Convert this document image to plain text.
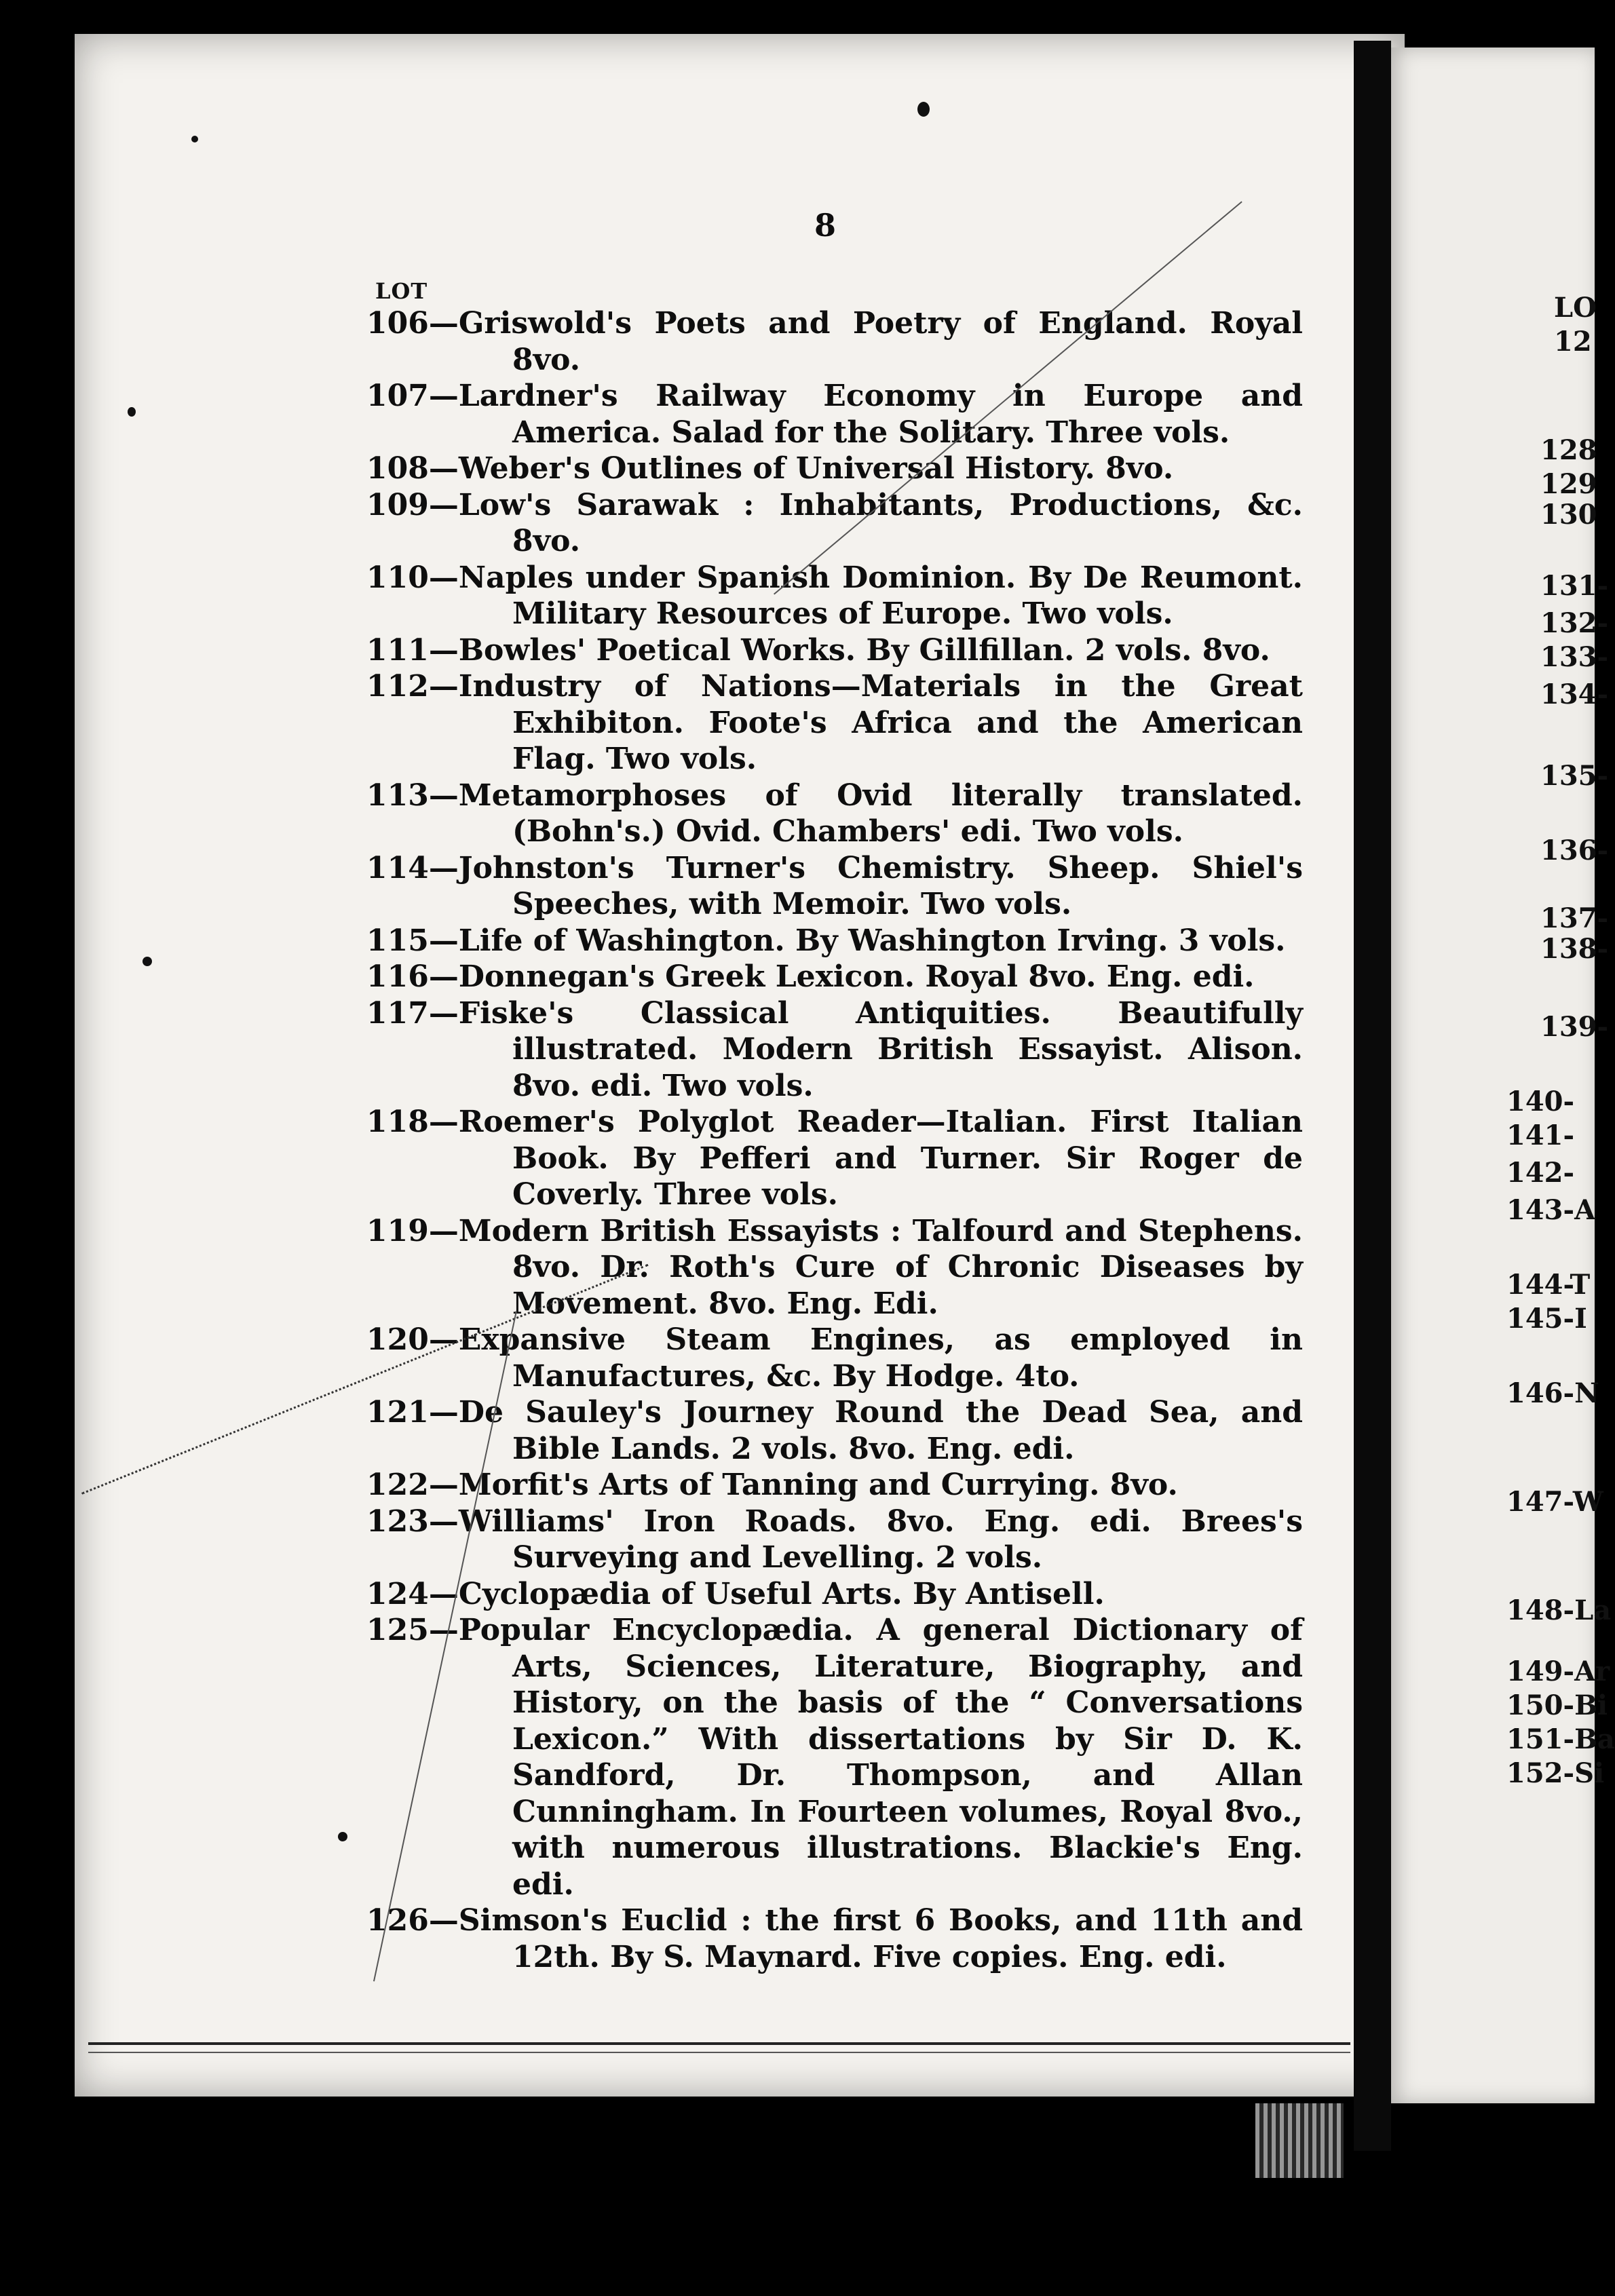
8
LOT
106—Griswold's Poets and Poetry of England. Royal 8vo.
107—Lardner's Railway Economy in Europe and America. Salad for the Solitary. Three vols.
108—Weber's Outlines of Universal History. 8vo.
109—Low's Sarawak : Inhabitants, Productions, &c. 8vo.
110—Naples under Spanish Dominion. By De Reumont. Military Resources of Europe. Two vols.
111—Bowles' Poetical Works. By Gillfillan. 2 vols. 8vo.
112—Industry of Nations—Materials in the Great Exhibiton. Foote's Africa and the American Flag. Two vols.
113—Metamorphoses of Ovid literally translated. (Bohn's.) Ovid. Chambers' edi. Two vols.
114—Johnston's Turner's Chemistry. Sheep. Shiel's Speeches, with Memoir. Two vols.
115—Life of Washington. By Washington Irving. 3 vols.
116—Donnegan's Greek Lexicon. Royal 8vo. Eng. edi.
117—Fiske's Classical Antiquities. Beautifully illustrated. Modern British Essayist. Alison. 8vo. edi. Two vols.
118—Roemer's Polyglot Reader—Italian. First Italian Book. By Pefferi and Turner. Sir Roger de Coverly. Three vols.
119—Modern British Essayists : Talfourd and Stephens. 8vo. Dr. Roth's Cure of Chronic Diseases by Movement. 8vo. Eng. Edi.
120—Expansive Steam Engines, as employed in Manufactures, &c. By Hodge. 4to.
121—De Sauley's Journey Round the Dead Sea, and Bible Lands. 2 vols. 8vo. Eng. edi.
122—Morfit's Arts of Tanning and Currying. 8vo.
123—Williams' Iron Roads. 8vo. Eng. edi. Brees's Surveying and Levelling. 2 vols.
124—Cyclopædia of Useful Arts. By Antisell.
125—Popular Encyclopædia. A general Dictionary of Arts, Sciences, Literature, Biography, and History, on the basis of the “ Conversations Lexicon.” With dissertations by Sir D. K. Sandford, Dr. Thompson, and Allan Cunningham. In Fourteen volumes, Royal 8vo., with numerous illustrations. Blackie's Eng. edi.
126—Simson's Euclid : the first 6 Books, and 11th and 12th. By S. Maynard. Five copies. Eng. edi.
LO
12
128
129
130
131-
132-
133-
134-
135-
136-
137-
138-
139-
140-
141-
142-
143-A
144-T
145-I
146-N
147-W
148-La
149-Ar
150-Bi
151-Ba
152-Si
